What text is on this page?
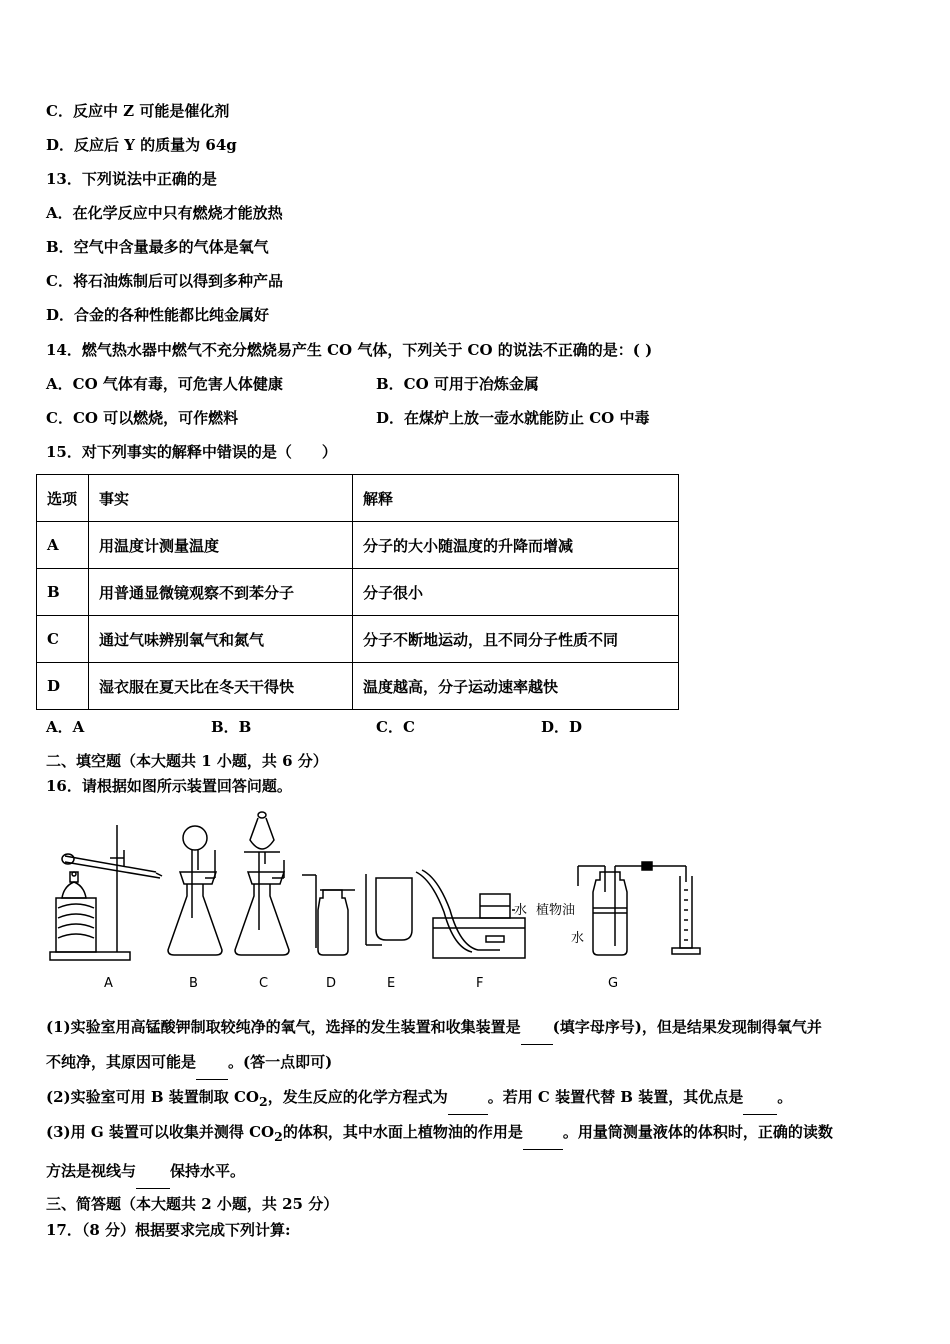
C．反应中 Z 可能是催化剂
D．反应后 Y 的质量为 64g
13．下列说法中正确的是
A．在化学反应中只有燃烧才能放热
B．空气中含量最多的气体是氧气
C．将石油炼制后可以得到多种产品
D．合金的各种性能都比纯金属好
14．燃气热水器中燃气不充分燃烧易产生 CO 气体，下列关于 CO 的说法不正确的是：( )
A．CO 气体有毒，可危害人体健康	B．CO 可用于冶炼金属
C．CO 可以燃烧，可作燃料	D．在煤炉上放一壶水就能防止 CO 中毒
15．对下列事实的解释中错误的是（　　）
选项	事实	解释
A	用温度计测量温度	分子的大小随温度的升降而增减
B	用普通显微镜观察不到苯分子	分子很小
C	通过气味辨别氧气和氮气	分子不断地运动，且不同分子性质不同
D	湿衣服在夏天比在冬天干得快	温度越高，分子运动速率越快
A．A	B．B	C．C	D．D
二、填空题（本大题共 1 小题，共 6 分）
16．请根据如图所示装置回答问题。
水 植物油
水
A	B	C	D	E	F	G
(1)实验室用高锰酸钾制取较纯净的氧气，选择的发生装置和收集装置是 (填字母序号)，但是结果发现制得氧气并
不纯净，其原因可能是 。(答一点即可)
(2)实验室可用 B 装置制取 $CO_2$，发生反应的化学方程式为	。若用 C 装置代替 B 装置，其优点是 。
(3)用 G 装置可以收集并测得 $CO_2$的体积，其中水面上植物油的作用是	。用量筒测量液体的体积时，正确的读数
方法是视线与 保持水平。
三、简答题（本大题共 2 小题，共 25 分）
17．（8 分）根据要求完成下列计算:
